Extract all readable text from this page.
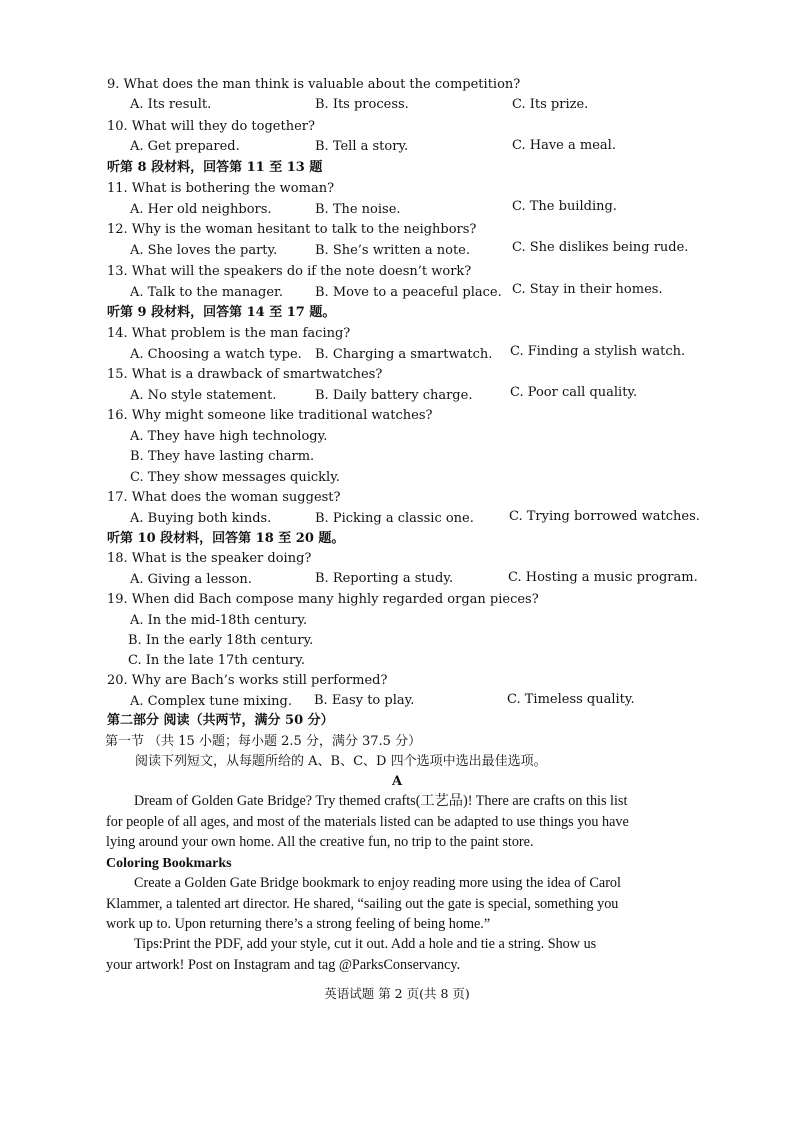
9. What does the man think is valuable about the competition?
A. Its result.	B. Its process.	C. Its prize.
10. What will they do together?
A. Get prepared.	B. Tell a story.	C. Have a meal.
听第 8 段材料，回答第 11 至 13 题
11. What is bothering the woman?
A. Her old neighbors.	B. The noise.	C. The building.
12. Why is the woman hesitant to talk to the neighbors?
A. She loves the party.	B. She’s written a note.	C. She dislikes being rude.
13. What will the speakers do if the note doesn’t work?
A. Talk to the manager. B. Move to a peaceful place. C. Stay in their homes.
听第 9 段材料，回答第 14 至 17 题。
14. What problem is the man facing?
A. Choosing a watch type. B. Charging a smartwatch. C. Finding a stylish watch.
15. What is a drawback of smartwatches?
A. No style statement.	B. Daily battery charge.	C. Poor call quality.
16. Why might someone like traditional watches?
A. They have high technology.
B. They have lasting charm.
C. They show messages quickly.
17. What does the woman suggest?
A. Buying both kinds.	B. Picking a classic one.	C. Trying borrowed watches.
听第 10 段材料，回答第 18 至 20 题。
18. What is the speaker doing?
A. Giving a lesson.	B. Reporting a study.	C. Hosting a music program.
19. When did Bach compose many highly regarded organ pieces?
A. In the mid-18th century.
B. In the early 18th century.
C. In the late 17th century.
20. Why are Bach’s works still performed?
A. Complex tune mixing. B. Easy to play.	C. Timeless quality.
第二部分 阅读（共两节，满分 50 分）
第一节 （共 15 小题；每小题 2.5 分，满分 37.5 分）
阅读下列短文，从每题所给的 A、B、C、D 四个选项中选出最佳选项。
A
Dream of Golden Gate Bridge? Try themed crafts(工艺品)! There are crafts on this list
for people of all ages, and most of the materials listed can be adapted to use things you have
lying around your own home. All the creative fun, no trip to the paint store.
Coloring Bookmarks
Create a Golden Gate Bridge bookmark to enjoy reading more using the idea of Carol
Klammer, a talented art director. He shared, “sailing out the gate is special, something you
work up to. Upon returning there’s a strong feeling of being home.”
Tips:Print the PDF, add your style, cut it out. Add a hole and tie a string. Show us
your artwork! Post on Instagram and tag @ParksConservancy.
英语试题 第 2 页(共 8 页)
